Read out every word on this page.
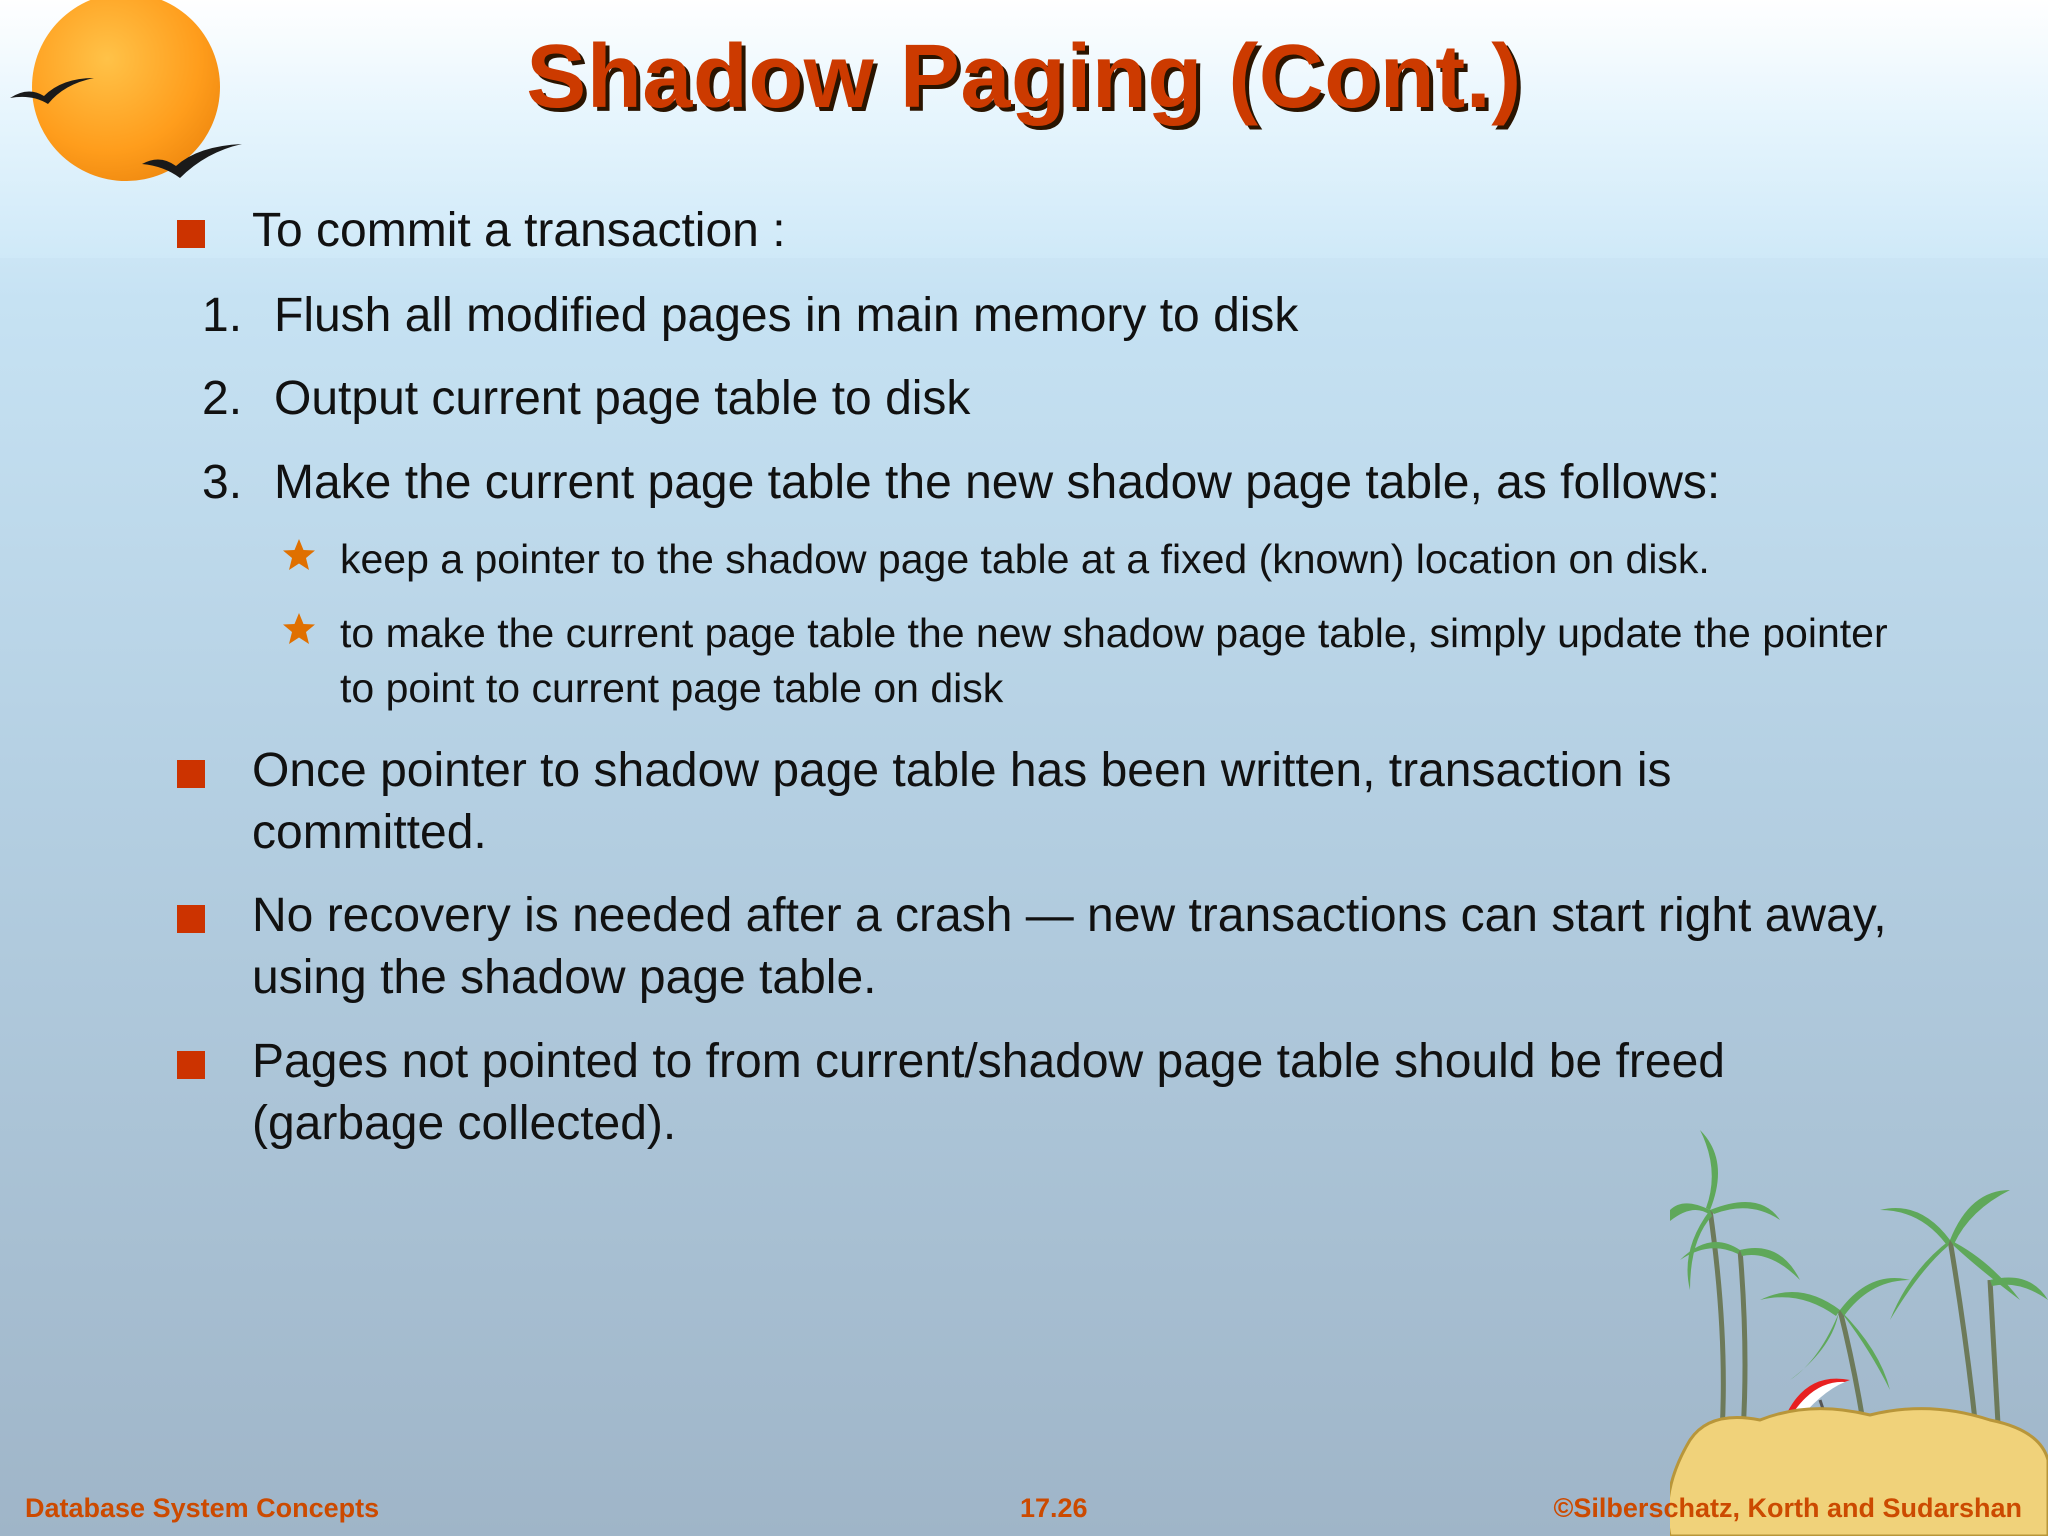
Shadow Paging (Cont.)
To commit a transaction :
1. Flush all modified pages in main memory to disk
2. Output current page table to disk
3. Make the current page table the new shadow page table, as follows:
keep a pointer to the shadow page table at a fixed (known) location on disk.
to make the current page table the new shadow page table, simply update the pointer to point to current page table on disk
Once pointer to shadow page table has been written, transaction is committed.
No recovery is needed after a crash — new transactions can start right away, using the shadow page table.
Pages not pointed to from current/shadow page table should be freed (garbage collected).
Database System Concepts	17.26	©Silberschatz, Korth and Sudarshan
